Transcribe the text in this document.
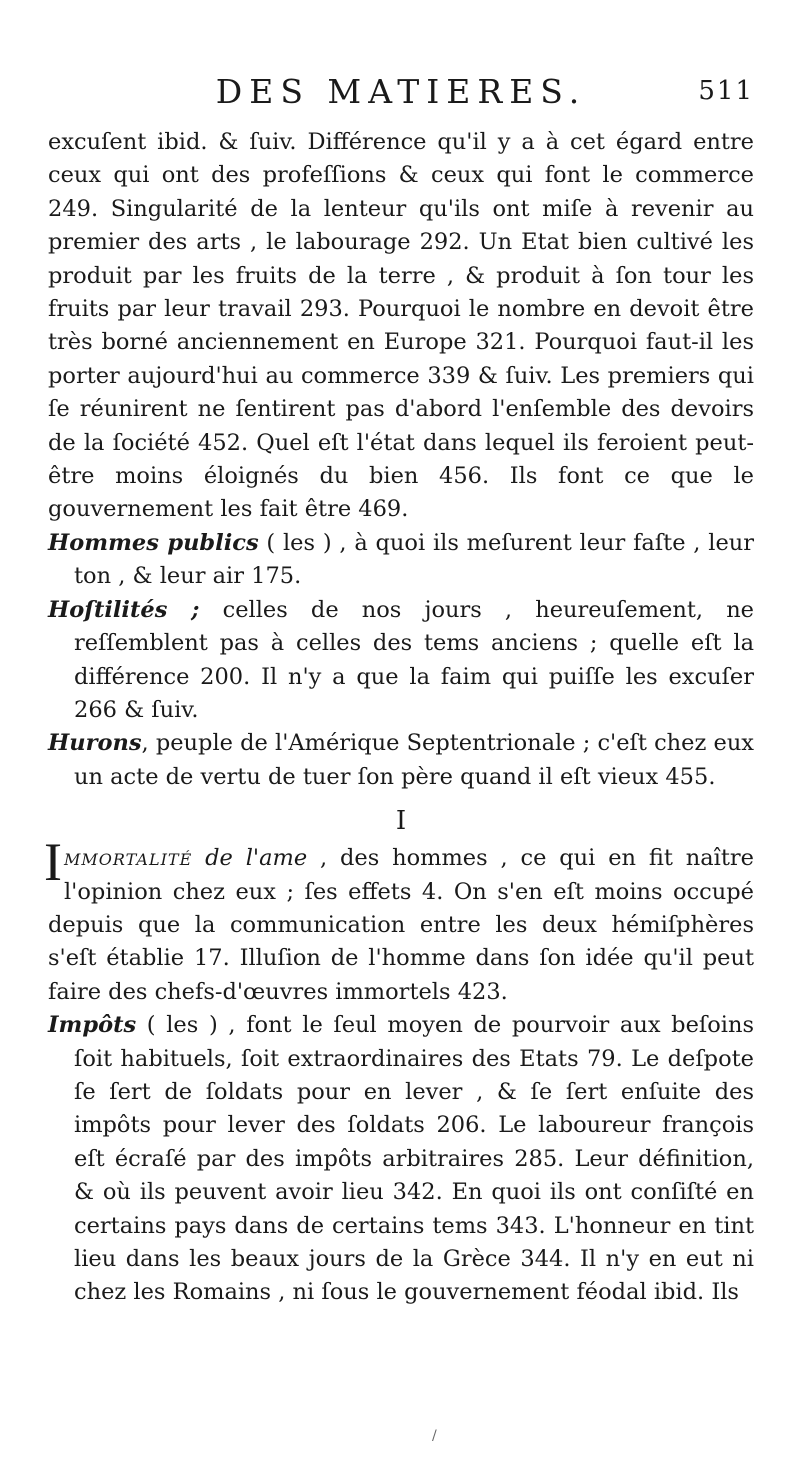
DES MATIERES.	511

excuſent ibid. & ſuiv. Différence qu'il y a à cet égard entre ceux qui ont des profeſſions & ceux qui font le commerce 249. Singularité de la lenteur qu'ils ont miſe à revenir au premier des arts , le labourage 292. Un Etat bien cultivé les produit par les fruits de la terre , & produit à ſon tour les fruits par leur travail 293. Pourquoi le nombre en devoit être très borné anciennement en Europe 321. Pourquoi faut-il les porter aujourd'hui au commerce 339 & ſuiv. Les premiers qui ſe réunirent ne ſentirent pas d'abord l'enſemble des devoirs de la ſociété 452. Quel eſt l'état dans lequel ils feroient peut-être moins éloignés du bien 456. Ils font ce que le gouvernement les fait être 469.

Hommes publics ( les ) , à quoi ils meſurent leur faſte , leur ton , & leur air 175.

Hoſtilités ; celles de nos jours , heureuſement, ne reſſemblent pas à celles des tems anciens ; quelle eſt la différence 200. Il n'y a que la faim qui puiſſe les excuſer 266 & ſuiv.

Hurons, peuple de l'Amérique Septentrionale ; c'eſt chez eux un acte de vertu de tuer ſon père quand il eſt vieux 455.

I

Immortalité de l'ame , des hommes , ce qui en fit naître l'opinion chez eux ; ſes effets 4. On s'en eſt moins occupé depuis que la communication entre les deux hémiſphères s'eſt établie 17. Illuſion de l'homme dans ſon idée qu'il peut faire des chefs-d'œuvres immortels 423.

Impôts ( les ) , font le ſeul moyen de pourvoir aux beſoins ſoit habituels, ſoit extraordinaires des Etats 79. Le deſpote ſe ſert de ſoldats pour en lever , & ſe ſert enſuite des impôts pour lever des ſoldats 206. Le laboureur françois eſt écraſé par des impôts arbitraires 285. Leur définition, & où ils peuvent avoir lieu 342. En quoi ils ont conſiſté en certains pays dans de certains tems 343. L'honneur en tint lieu dans les beaux jours de la Grèce 344. Il n'y en eut ni chez les Romains , ni ſous le gouvernement féodal ibid. Ils

/
